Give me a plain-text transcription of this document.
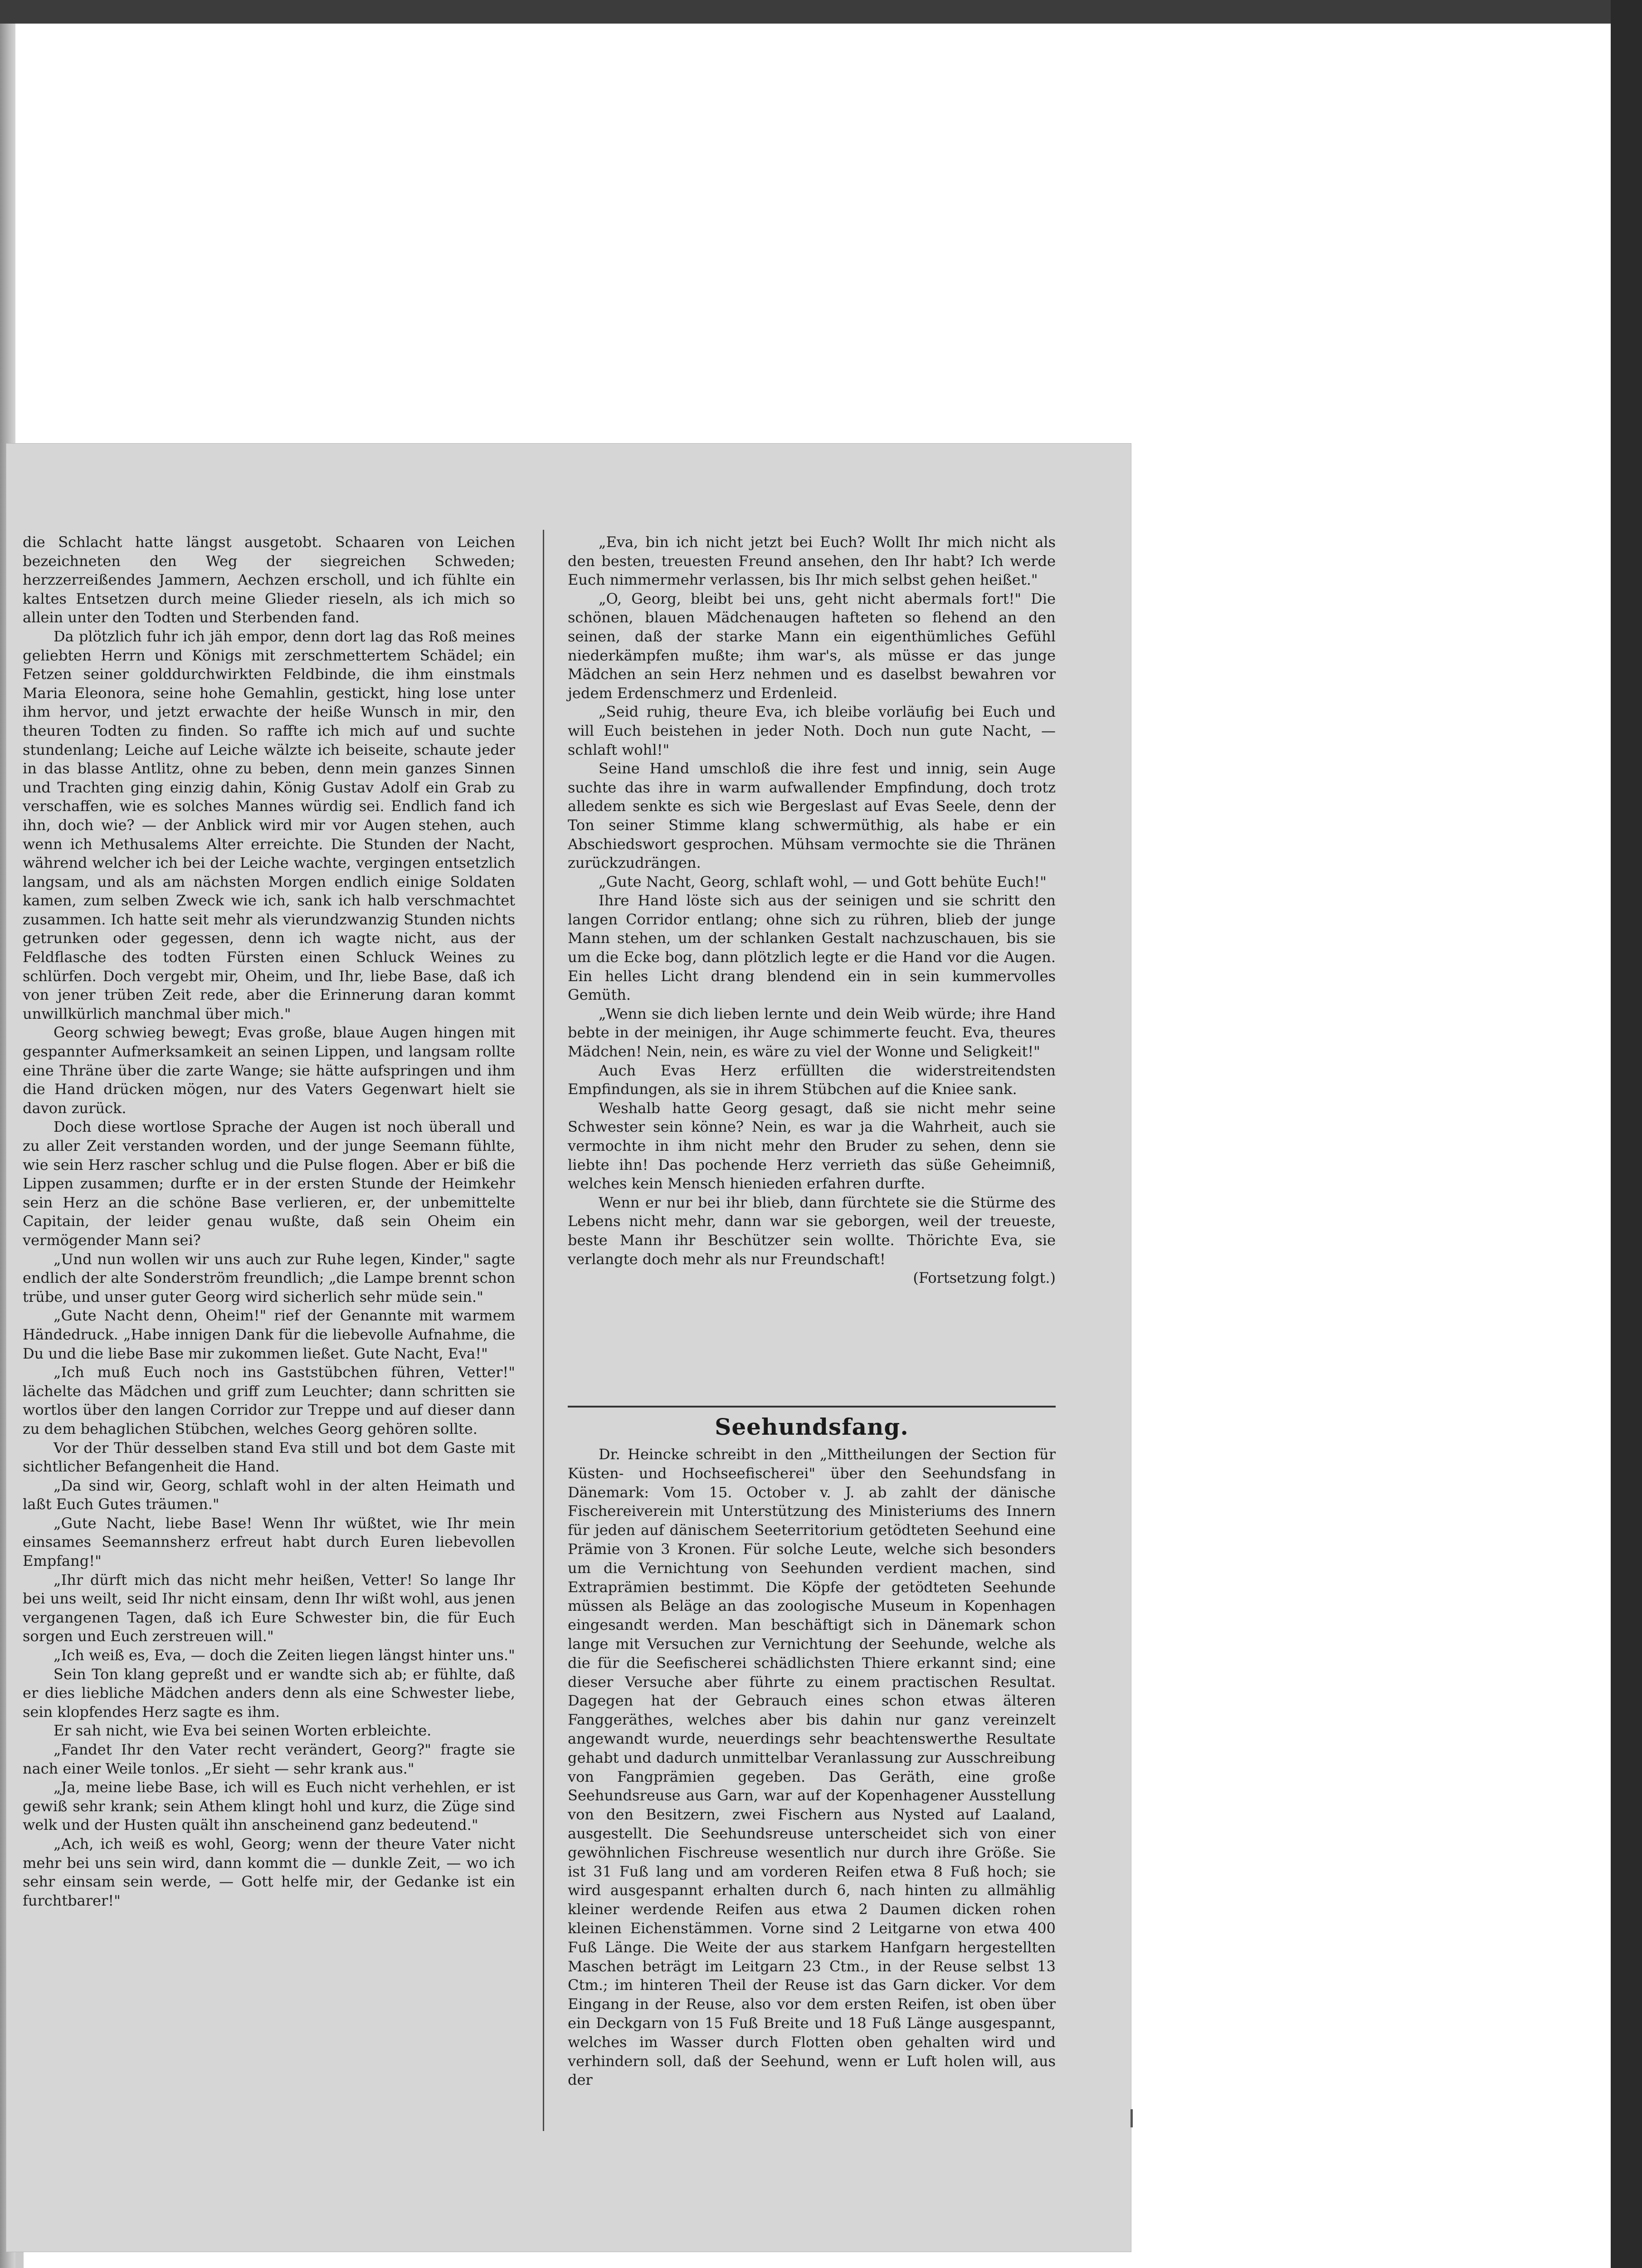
die Schlacht hatte längst ausgetobt. Schaaren von Leichen bezeichneten den Weg der siegreichen Schweden; herzzerreißendes Jammern, Aechzen erscholl, und ich fühlte ein kaltes Entsetzen durch meine Glieder rieseln, als ich mich so allein unter den Todten und Sterbenden fand.

Da plötzlich fuhr ich jäh empor, denn dort lag das Roß meines geliebten Herrn und Königs mit zerschmettertem Schädel; ein Fetzen seiner golddurchwirkten Feldbinde, die ihm einstmals Maria Eleonora, seine hohe Gemahlin, gestickt, hing lose unter ihm hervor, und jetzt erwachte der heiße Wunsch in mir, den theuren Todten zu finden. So raffte ich mich auf und suchte stundenlang; Leiche auf Leiche wälzte ich beiseite, schaute jeder in das blasse Antlitz, ohne zu beben, denn mein ganzes Sinnen und Trachten ging einzig dahin, König Gustav Adolf ein Grab zu verschaffen, wie es solches Mannes würdig sei. Endlich fand ich ihn, doch wie? — der Anblick wird mir vor Augen stehen, auch wenn ich Methusalems Alter erreichte. Die Stunden der Nacht, während welcher ich bei der Leiche wachte, vergingen entsetzlich langsam, und als am nächsten Morgen endlich einige Soldaten kamen, zum selben Zweck wie ich, sank ich halb verschmachtet zusammen. Ich hatte seit mehr als vierundzwanzig Stunden nichts getrunken oder gegessen, denn ich wagte nicht, aus der Feldflasche des todten Fürsten einen Schluck Weines zu schlürfen. Doch vergebt mir, Oheim, und Ihr, liebe Base, daß ich von jener trüben Zeit rede, aber die Erinnerung daran kommt unwillkürlich manchmal über mich."

Georg schwieg bewegt; Evas große, blaue Augen hingen mit gespannter Aufmerksamkeit an seinen Lippen, und langsam rollte eine Thräne über die zarte Wange; sie hätte aufspringen und ihm die Hand drücken mögen, nur des Vaters Gegenwart hielt sie davon zurück.

Doch diese wortlose Sprache der Augen ist noch überall und zu aller Zeit verstanden worden, und der junge Seemann fühlte, wie sein Herz rascher schlug und die Pulse flogen. Aber er biß die Lippen zusammen; durfte er in der ersten Stunde der Heimkehr sein Herz an die schöne Base verlieren, er, der unbemittelte Capitain, der leider genau wußte, daß sein Oheim ein vermögender Mann sei?

„Und nun wollen wir uns auch zur Ruhe legen, Kinder," sagte endlich der alte Sonderström freundlich; „die Lampe brennt schon trübe, und unser guter Georg wird sicherlich sehr müde sein."

„Gute Nacht denn, Oheim!" rief der Genannte mit warmem Händedruck. „Habe innigen Dank für die liebevolle Aufnahme, die Du und die liebe Base mir zukommen ließet. Gute Nacht, Eva!"

„Ich muß Euch noch ins Gaststübchen führen, Vetter!" lächelte das Mädchen und griff zum Leuchter; dann schritten sie wortlos über den langen Corridor zur Treppe und auf dieser dann zu dem behaglichen Stübchen, welches Georg gehören sollte.

Vor der Thür desselben stand Eva still und bot dem Gaste mit sichtlicher Befangenheit die Hand.

„Da sind wir, Georg, schlaft wohl in der alten Heimath und laßt Euch Gutes träumen."

„Gute Nacht, liebe Base! Wenn Ihr wüßtet, wie Ihr mein einsames Seemannsherz erfreut habt durch Euren liebevollen Empfang!"

„Ihr dürft mich das nicht mehr heißen, Vetter! So lange Ihr bei uns weilt, seid Ihr nicht einsam, denn Ihr wißt wohl, aus jenen vergangenen Tagen, daß ich Eure Schwester bin, die für Euch sorgen und Euch zerstreuen will."

„Ich weiß es, Eva, — doch die Zeiten liegen längst hinter uns."

Sein Ton klang gepreßt und er wandte sich ab; er fühlte, daß er dies liebliche Mädchen anders denn als eine Schwester liebe, sein klopfendes Herz sagte es ihm.

Er sah nicht, wie Eva bei seinen Worten erbleichte.

„Fandet Ihr den Vater recht verändert, Georg?" fragte sie nach einer Weile tonlos. „Er sieht — sehr krank aus."

„Ja, meine liebe Base, ich will es Euch nicht verhehlen, er ist gewiß sehr krank; sein Athem klingt hohl und kurz, die Züge sind welk und der Husten quält ihn anscheinend ganz bedeutend."

„Ach, ich weiß es wohl, Georg; wenn der theure Vater nicht mehr bei uns sein wird, dann kommt die — dunkle Zeit, — wo ich sehr einsam sein werde, — Gott helfe mir, der Gedanke ist ein furchtbarer!"

„Eva, bin ich nicht jetzt bei Euch? Wollt Ihr mich nicht als den besten, treuesten Freund ansehen, den Ihr habt? Ich werde Euch nimmermehr verlassen, bis Ihr mich selbst gehen heißet."

„O, Georg, bleibt bei uns, geht nicht abermals fort!" Die schönen, blauen Mädchenaugen hafteten so flehend an den seinen, daß der starke Mann ein eigenthümliches Gefühl niederkämpfen mußte; ihm war's, als müsse er das junge Mädchen an sein Herz nehmen und es daselbst bewahren vor jedem Erdenschmerz und Erdenleid.

„Seid ruhig, theure Eva, ich bleibe vorläufig bei Euch und will Euch beistehen in jeder Noth. Doch nun gute Nacht, — schlaft wohl!"

Seine Hand umschloß die ihre fest und innig, sein Auge suchte das ihre in warm aufwallender Empfindung, doch trotz alledem senkte es sich wie Bergeslast auf Evas Seele, denn der Ton seiner Stimme klang schwermüthig, als habe er ein Abschiedswort gesprochen. Mühsam vermochte sie die Thränen zurückzudrängen.

„Gute Nacht, Georg, schlaft wohl, — und Gott behüte Euch!"

Ihre Hand löste sich aus der seinigen und sie schritt den langen Corridor entlang; ohne sich zu rühren, blieb der junge Mann stehen, um der schlanken Gestalt nachzuschauen, bis sie um die Ecke bog, dann plötzlich legte er die Hand vor die Augen. Ein helles Licht drang blendend ein in sein kummervolles Gemüth.

„Wenn sie dich lieben lernte und dein Weib würde; ihre Hand bebte in der meinigen, ihr Auge schimmerte feucht. Eva, theures Mädchen! Nein, nein, es wäre zu viel der Wonne und Seligkeit!"

Auch Evas Herz erfüllten die widerstreitendsten Empfindungen, als sie in ihrem Stübchen auf die Kniee sank.

Weshalb hatte Georg gesagt, daß sie nicht mehr seine Schwester sein könne? Nein, es war ja die Wahrheit, auch sie vermochte in ihm nicht mehr den Bruder zu sehen, denn sie liebte ihn! Das pochende Herz verrieth das süße Geheimniß, welches kein Mensch hienieden erfahren durfte.

Wenn er nur bei ihr blieb, dann fürchtete sie die Stürme des Lebens nicht mehr, dann war sie geborgen, weil der treueste, beste Mann ihr Beschützer sein wollte. Thörichte Eva, sie verlangte doch mehr als nur Freundschaft!

(Fortsetzung folgt.)

Seehundsfang.

Dr. Heincke schreibt in den „Mittheilungen der Section für Küsten- und Hochseefischerei" über den Seehundsfang in Dänemark: Vom 15. October v. J. ab zahlt der dänische Fischereiverein mit Unterstützung des Ministeriums des Innern für jeden auf dänischem Seeterritorium getödteten Seehund eine Prämie von 3 Kronen. Für solche Leute, welche sich besonders um die Vernichtung von Seehunden verdient machen, sind Extraprämien bestimmt. Die Köpfe der getödteten Seehunde müssen als Beläge an das zoologische Museum in Kopenhagen eingesandt werden. Man beschäftigt sich in Dänemark schon lange mit Versuchen zur Vernichtung der Seehunde, welche als die für die Seefischerei schädlichsten Thiere erkannt sind; eine dieser Versuche aber führte zu einem practischen Resultat. Dagegen hat der Gebrauch eines schon etwas älteren Fanggeräthes, welches aber bis dahin nur ganz vereinzelt angewandt wurde, neuerdings sehr beachtenswerthe Resultate gehabt und dadurch unmittelbar Veranlassung zur Ausschreibung von Fangprämien gegeben. Das Geräth, eine große Seehundsreuse aus Garn, war auf der Kopenhagener Ausstellung von den Besitzern, zwei Fischern aus Nysted auf Laaland, ausgestellt. Die Seehundsreuse unterscheidet sich von einer gewöhnlichen Fischreuse wesentlich nur durch ihre Größe. Sie ist 31 Fuß lang und am vorderen Reifen etwa 8 Fuß hoch; sie wird ausgespannt erhalten durch 6, nach hinten zu allmählig kleiner werdende Reifen aus etwa 2 Daumen dicken rohen kleinen Eichenstämmen. Vorne sind 2 Leitgarne von etwa 400 Fuß Länge. Die Weite der aus starkem Hanfgarn hergestellten Maschen beträgt im Leitgarn 23 Ctm., in der Reuse selbst 13 Ctm.; im hinteren Theil der Reuse ist das Garn dicker. Vor dem Eingang in der Reuse, also vor dem ersten Reifen, ist oben über ein Deckgarn von 15 Fuß Breite und 18 Fuß Länge ausgespannt, welches im Wasser durch Flotten oben gehalten wird und verhindern soll, daß der Seehund, wenn er Luft holen will, aus der
